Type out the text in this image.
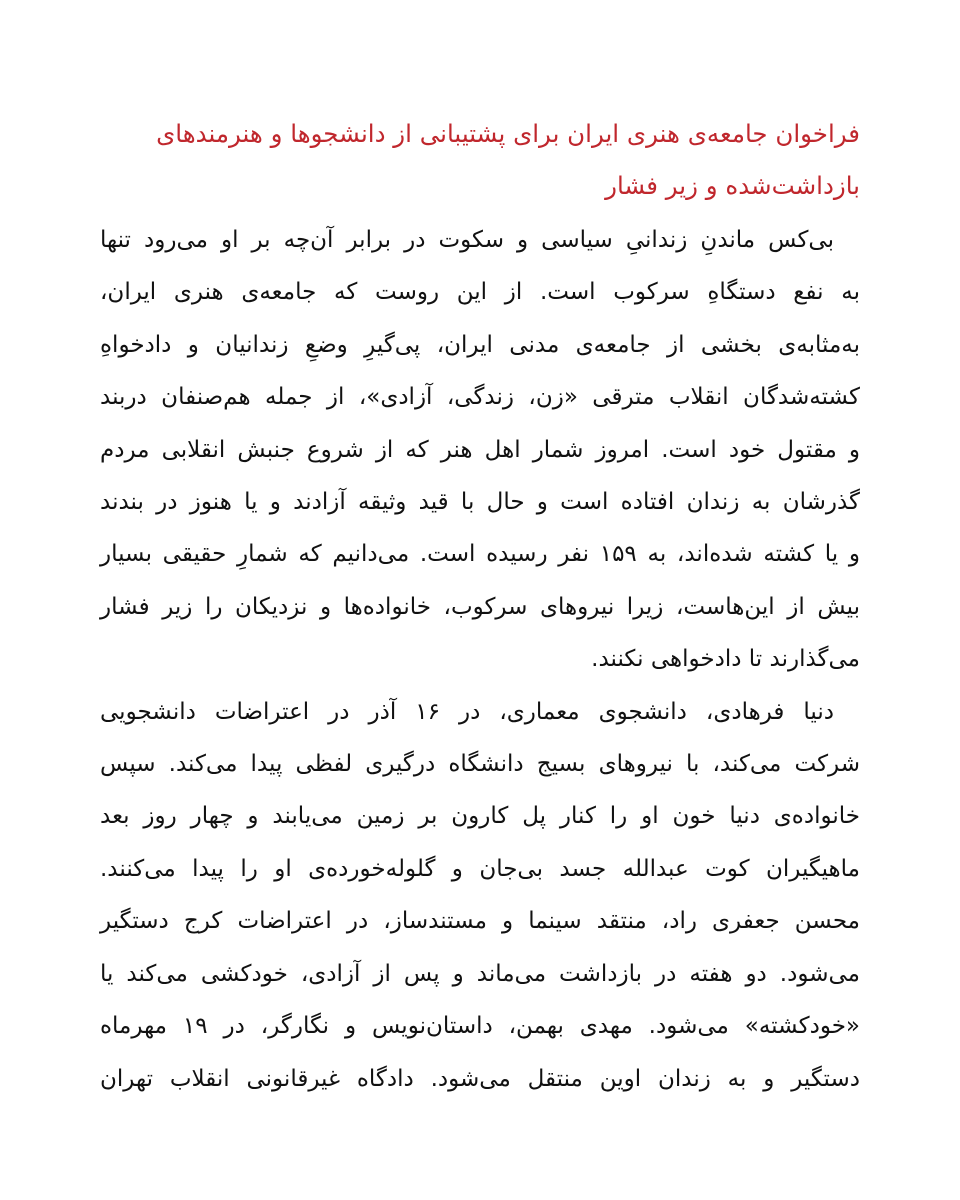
فراخوان جامعه‌ی هنری ایران برای پشتیبانی از دانشجوها و هنرمندهای
بازداشت‌شده و زیر فشار

بی‌کس ماندنِ زندانیِ سیاسی و سکوت در برابر آن‌چه بر او می‌رود تنها
به نفع دستگاهِ سرکوب است. از این روست که جامعه‌ی هنری ایران،
به‌مثابه‌ی بخشی از جامعه‌ی مدنی ایران، پی‌گیرِ وضعِ زندانیان و دادخواهِ
کشته‌شدگان انقلاب مترقی «زن، زندگی، آزادی»، از جمله هم‌صنفان دربند
و مقتول خود است. امروز شمار اهل هنر که از شروع جنبش انقلابی مردم
گذرشان به زندان افتاده است و حال با قید وثیقه آزادند و یا هنوز در بندند
و یا کشته شده‌اند، به ۱۵۹ نفر رسیده است. می‌دانیم که شمارِ حقیقی بسیار
بیش از این‌هاست، زیرا نیروهای سرکوب، خانواده‌ها و نزدیکان را زیر فشار
می‌گذارند تا دادخواهی نکنند.

دنیا فرهادی، دانشجوی معماری، در ۱۶ آذر در اعتراضات دانشجویی
شرکت می‌کند، با نیروهای بسیج دانشگاه درگیری لفظی پیدا می‌کند. سپس
خانواده‌ی دنیا خون او را کنار پل کارون بر زمین می‌یابند و چهار روز بعد
ماهیگیران کوت عبدالله جسد بی‌جان و گلوله‌خورده‌ی او را پیدا می‌کنند.
محسن جعفری راد، منتقد سینما و مستندساز، در اعتراضات کرج دستگیر
می‌شود. دو هفته در بازداشت می‌ماند و پس از آزادی، خودکشی می‌کند یا
«خودکشته» می‌شود. مهدی بهمن، داستان‌نویس و نگارگر، در ۱۹ مهرماه
دستگیر و به زندان اوین منتقل می‌شود. دادگاه غیرقانونی انقلاب تهران
